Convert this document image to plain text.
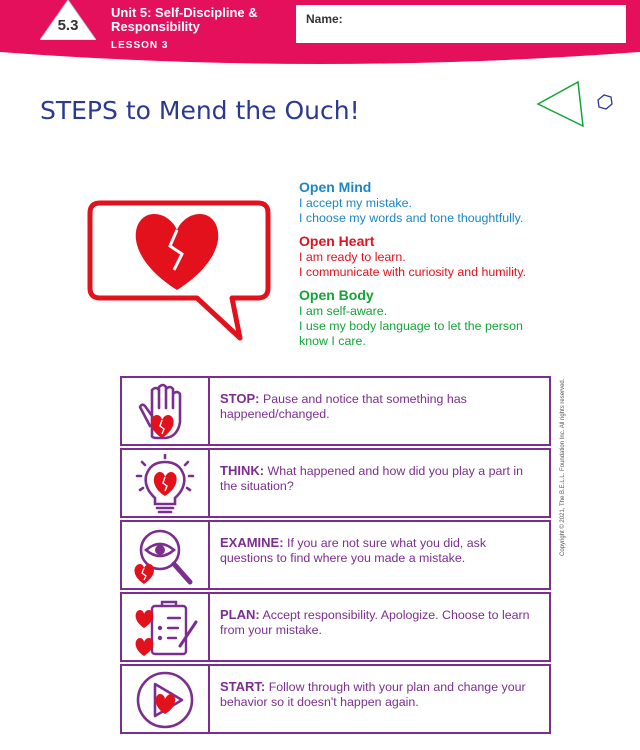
5.3
Unit 5: Self-Discipline & Responsibility
LESSON 3
Name:
STEPS to Mend the Ouch!
Open Mind
I accept my mistake.
I choose my words and tone thoughtfully.
Open Heart
I am ready to learn.
I communicate with curiosity and humility.
Open Body
I am self-aware.
I use my body language to let the person
know I care.
STOP: Pause and notice that something has happened/changed.
THINK: What happened and how did you play a part in the situation?
EXAMINE: If you are not sure what you did, ask questions to find where you made a mistake.
PLAN: Accept responsibility. Apologize. Choose to learn from your mistake.
START: Follow through with your plan and change your behavior so it doesn't happen again.
Copyright © 2021, The B.E.L.L. Foundation Inc. All rights reserved.
